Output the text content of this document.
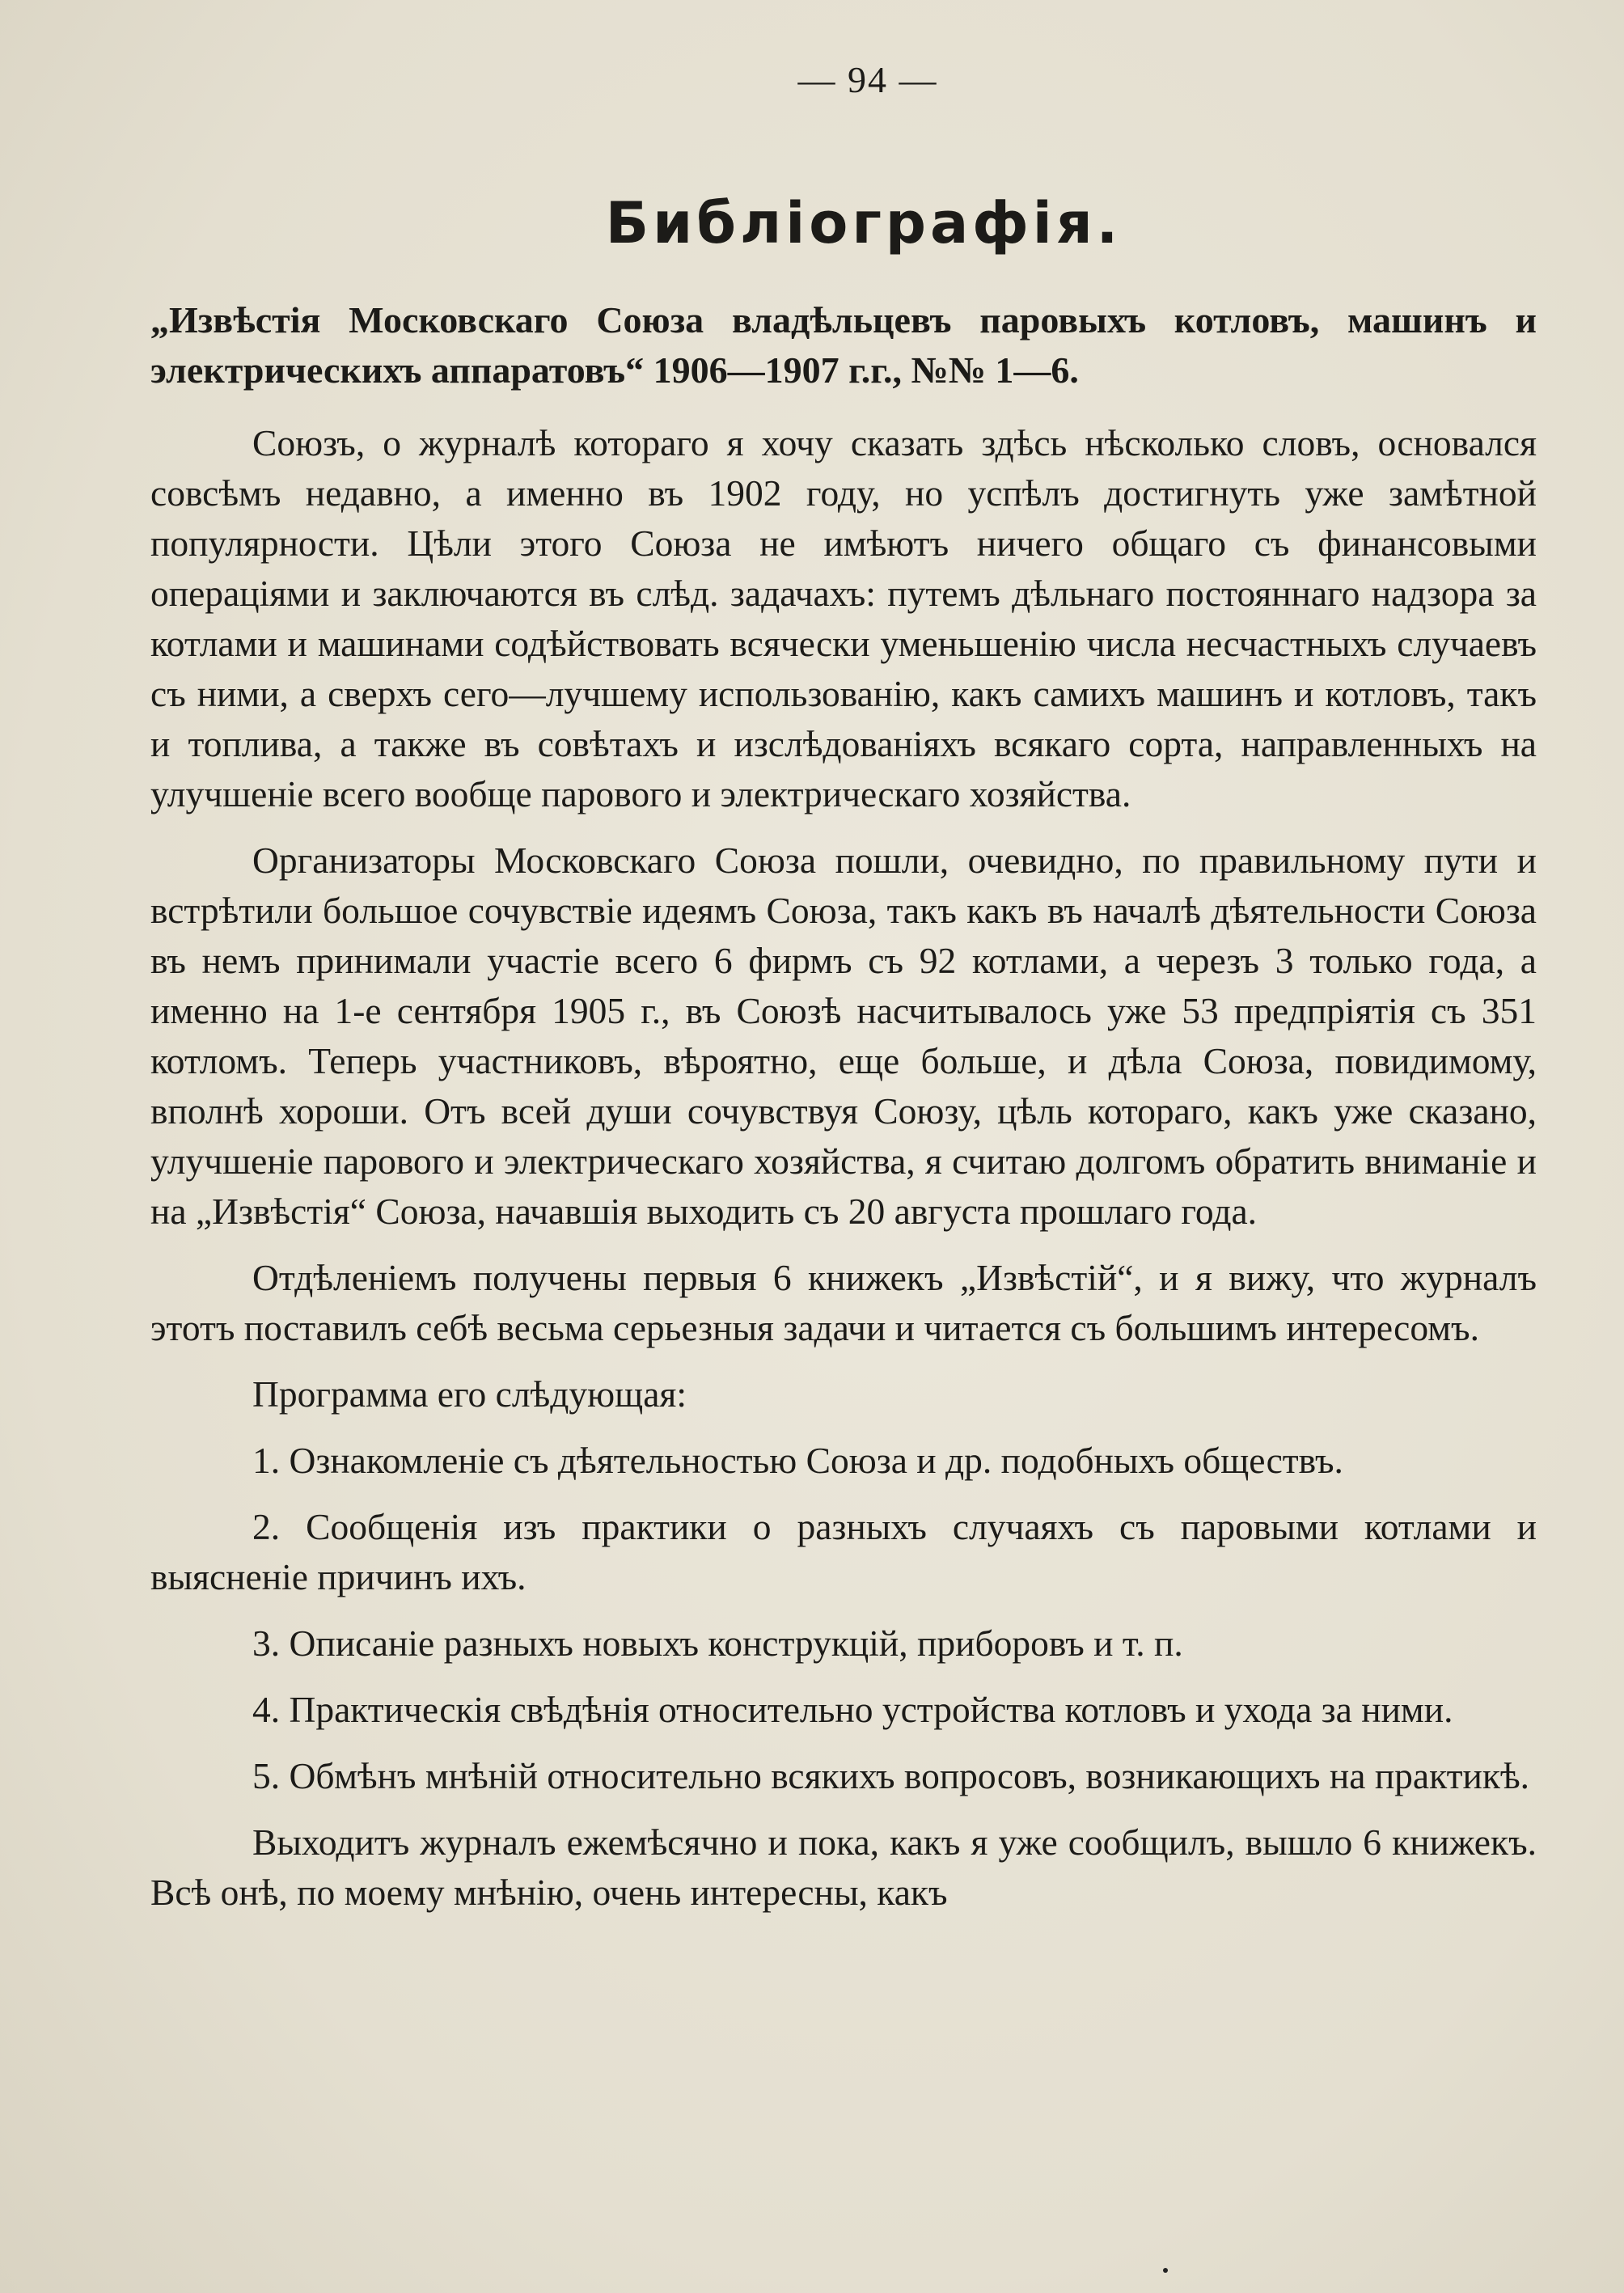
— 94 —
Библіографія.

„Извѣстія Московскаго Союза владѣльцевъ паровыхъ котловъ, машинъ и электрическихъ аппаратовъ“ 1906—1907 г.г., №№ 1—6.

Союзъ, о журналѣ котораго я хочу сказать здѣсь нѣсколько словъ, основался совсѣмъ недавно, а именно въ 1902 году, но успѣлъ достигнуть уже замѣтной популярности. Цѣли этого Союза не имѣютъ ничего общаго съ финансовыми операціями и заключаются въ слѣд. задачахъ: путемъ дѣльнаго постояннаго надзора за котлами и машинами содѣйствовать всячески уменьшенію числа несчастныхъ случаевъ съ ними, а сверхъ сего—лучшему использованію, какъ самихъ машинъ и котловъ, такъ и топлива, а также въ совѣтахъ и изслѣдованіяхъ всякаго сорта, направленныхъ на улучшеніе всего вообще парового и электрическаго хозяйства.

Организаторы Московскаго Союза пошли, очевидно, по правильному пути и встрѣтили большое сочувствіе идеямъ Союза, такъ какъ въ началѣ дѣятельности Союза въ немъ принимали участіе всего 6 фирмъ съ 92 котлами, а черезъ 3 только года, а именно на 1-е сентября 1905 г., въ Союзѣ насчитывалось уже 53 предпріятія съ 351 котломъ. Теперь участниковъ, вѣроятно, еще больше, и дѣла Союза, повидимому, вполнѣ хороши. Отъ всей души сочувствуя Союзу, цѣль котораго, какъ уже сказано, улучшеніе парового и электрическаго хозяйства, я считаю долгомъ обратить вниманіе и на „Извѣстія“ Союза, начавшія выходить съ 20 августа прошлаго года.

Отдѣленіемъ получены первыя 6 книжекъ „Извѣстій“, и я вижу, что журналъ этотъ поставилъ себѣ весьма серьезныя задачи и читается съ большимъ интересомъ.

Программа его слѣдующая:

1. Ознакомленіе съ дѣятельностью Союза и др. подобныхъ обществъ.

2. Сообщенія изъ практики о разныхъ случаяхъ съ паровыми котлами и выясненіе причинъ ихъ.

3. Описаніе разныхъ новыхъ конструкцій, приборовъ и т. п.

4. Практическія свѣдѣнія относительно устройства котловъ и ухода за ними.

5. Обмѣнъ мнѣній относительно всякихъ вопросовъ, возникающихъ на практикѣ.

Выходитъ журналъ ежемѣсячно и пока, какъ я уже сообщилъ, вышло 6 книжекъ. Всѣ онѣ, по моему мнѣнію, очень интересны, какъ
